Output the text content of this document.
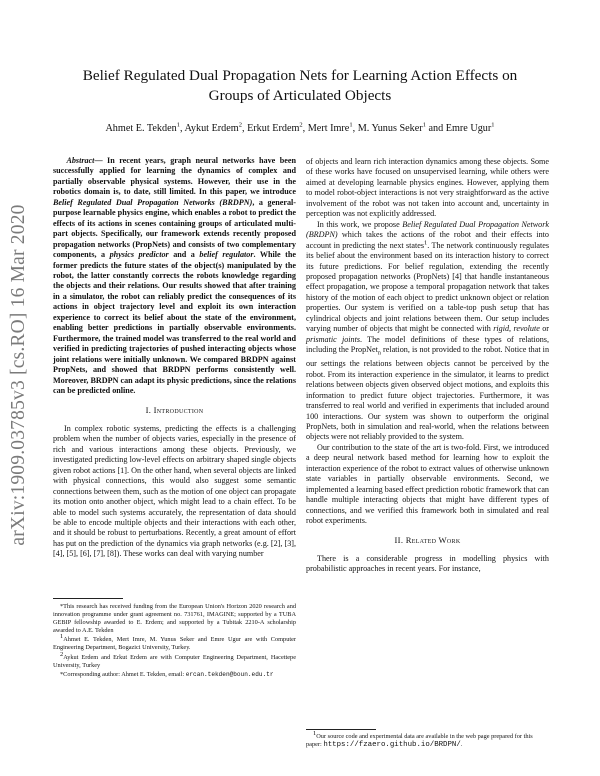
arXiv:1909.03785v3 [cs.RO] 16 Mar 2020
Belief Regulated Dual Propagation Nets for Learning Action Effects on Groups of Articulated Objects
Ahmet E. Tekden$^1$, Aykut Erdem$^2$, Erkut Erdem$^2$, Mert Imre$^1$, M. Yunus Seker$^1$ and Emre Ugur$^1$

Abstract— In recent years, graph neural networks have been successfully applied for learning the dynamics of complex and partially observable physical systems. However, their use in the robotics domain is, to date, still limited. In this paper, we introduce Belief Regulated Dual Propagation Networks (BRDPN), a general-purpose learnable physics engine, which enables a robot to predict the effects of its actions in scenes containing groups of articulated multi-part objects. Specifically, our framework extends recently proposed propagation networks (PropNets) and consists of two complementary components, a physics predictor and a belief regulator. While the former predicts the future states of the object(s) manipulated by the robot, the latter constantly corrects the robots knowledge regarding the objects and their relations. Our results showed that after training in a simulator, the robot can reliably predict the consequences of its actions in object trajectory level and exploit its own interaction experience to correct its belief about the state of the environment, enabling better predictions in partially observable environments. Furthermore, the trained model was transferred to the real world and verified in predicting trajectories of pushed interacting objects whose joint relations were initially unknown. We compared BRDPN against PropNets, and showed that BRDPN performs consistently well. Moreover, BRDPN can adapt its physic predictions, since the relations can be predicted online.

I. Introduction

In complex robotic systems, predicting the effects is a challenging problem when the number of objects varies, especially in the presence of rich and various interactions among these objects. Previously, we investigated predicting low-level effects on arbitrary shaped single objects given robot actions [1]. On the other hand, when several objects are linked with physical connections, this would also suggest some semantic connections between them, such as the motion of one object can propagate its motion onto another object, which might lead to a chain effect. To be able to model such systems accurately, the representation of data should be able to encode multiple objects and their interactions with each other, and it should be robust to perturbations. Recently, a great amount of effort has put on the prediction of the dynamics via graph networks (e.g. [2], [3], [4], [5], [6], [7], [8]). These works can deal with varying number

*This research has received funding from the European Union's Horizon 2020 research and innovation programme under grant agreement no. 731761, IMAGINE; supported by a TUBA GEBIP fellowship awarded to E. Erdem; and supported by a Tubitak 2210-A scholarship awarded to A.E. Tekden

$^1$Ahmet E. Tekden, Mert Imre, M. Yunus Seker and Emre Ugur are with Computer Engineering Department, Bogazici University, Turkey.

$^2$Aykut Erdem and Erkut Erdem are with Computer Engineering Department, Hacettepe University, Turkey

*Corresponding author: Ahmet E. Tekden, email: ercan.tekden@boun.edu.tr

of objects and learn rich interaction dynamics among these objects. Some of these works have focused on unsupervised learning, while others were aimed at developing learnable physics engines. However, applying them to model robot-object interactions is not very straightforward as the active involvement of the robot was not taken into account and, uncertainty in perception was not explicitly addressed.

In this work, we propose Belief Regulated Dual Propagation Network (BRDPN) which takes the actions of the robot and their effects into account in predicting the next states$^1$. The network continuously regulates its belief about the environment based on its interaction history to correct its future predictions. For belief regulation, extending the recently proposed propagation networks (PropNets) [4] that handle instantaneous effect propagation, we propose a temporal propagation network that takes history of the motion of each object to predict unknown object or relation properties. Our system is verified on a table-top push setup that has cylindrical objects and joint relations between them. Our setup includes varying number of objects that might be connected with rigid, revolute or prismatic joints. The model definitions of these types of relations, including the PropNet$_n$ relation, is not provided to the robot. Notice that in our settings the relations between objects cannot be perceived by the robot. From its interaction experience in the simulator, it learns to predict relations between objects given observed object motions, and exploits this information to predict future object trajectories. Furthermore, it was transferred to real world and verified in experiments that included around 100 interactions. Our system was shown to outperform the original PropNets, both in simulation and real-world, when the relations between objects were not reliably provided to the system.

Our contribution to the state of the art is two-fold. First, we introduced a deep neural network based method for learning how to exploit the interaction experience of the robot to extract values of otherwise unknown state variables in partially observable environments. Second, we implemented a learning based effect prediction robotic framework that can handle multiple interacting objects that might have different types of connections, and we verified this framework both in simulated and real robot experiments.

II. Related Work

There is a considerable progress in modelling physics with probabilistic approaches in recent years. For instance,

$^1$Our source code and experimental data are available in the web page prepared for this paper: https://fzaero.github.io/BRDPN/.
